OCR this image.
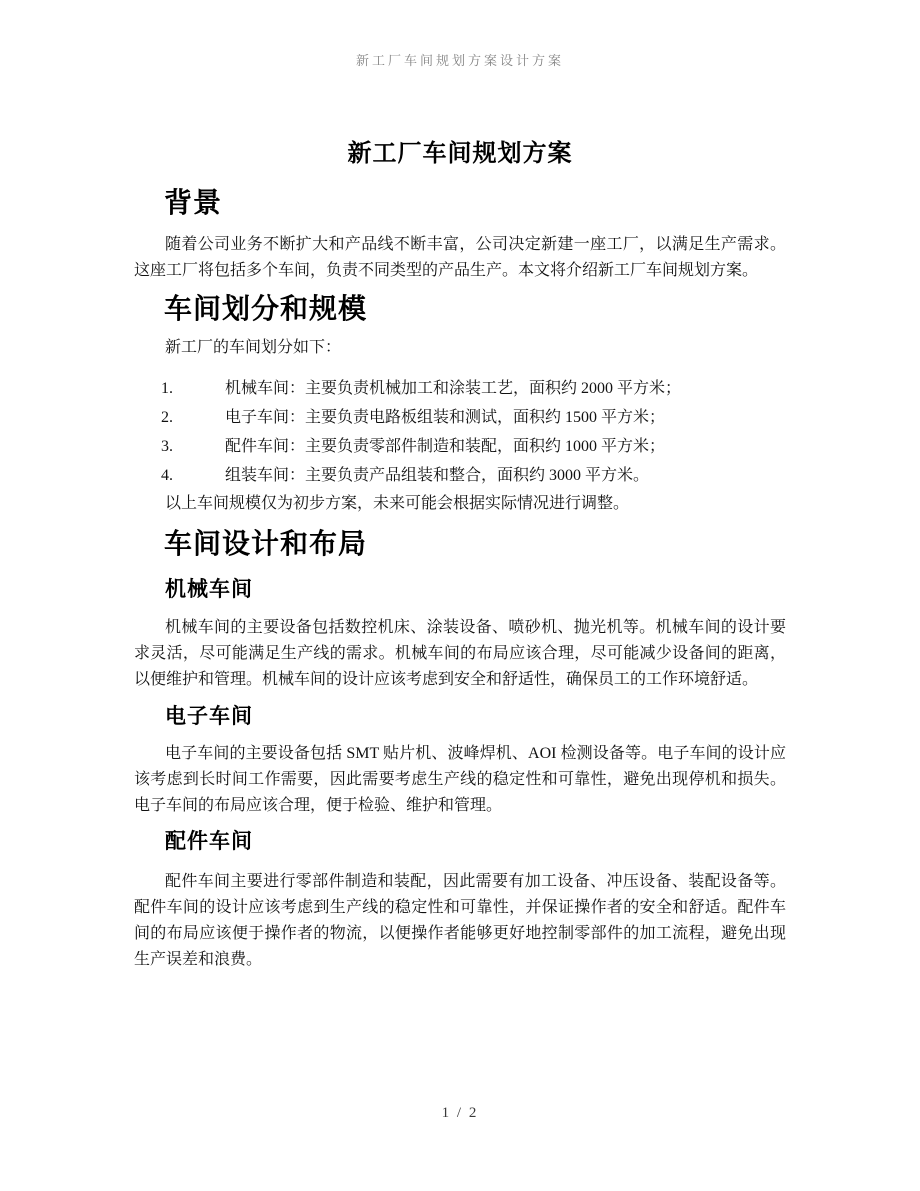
新工厂车间规划方案设计方案
新工厂车间规划方案
背景

随着公司业务不断扩大和产品线不断丰富，公司决定新建一座工厂，以满足生产需求。这座工厂将包括多个车间，负责不同类型的产品生产。本文将介绍新工厂车间规划方案。

车间划分和规模

新工厂的车间划分如下：

1.	机械车间：主要负责机械加工和涂装工艺，面积约 2000 平方米；
2.	电子车间：主要负责电路板组装和测试，面积约 1500 平方米；
3.	配件车间：主要负责零部件制造和装配，面积约 1000 平方米；
4.	组装车间：主要负责产品组装和整合，面积约 3000 平方米。

以上车间规模仅为初步方案，未来可能会根据实际情况进行调整。

车间设计和布局
机械车间

机械车间的主要设备包括数控机床、涂装设备、喷砂机、抛光机等。机械车间的设计要求灵活，尽可能满足生产线的需求。机械车间的布局应该合理，尽可能减少设备间的距离，以便维护和管理。机械车间的设计应该考虑到安全和舒适性，确保员工的工作环境舒适。

电子车间

电子车间的主要设备包括 SMT 贴片机、波峰焊机、AOI 检测设备等。电子车间的设计应该考虑到长时间工作需要，因此需要考虑生产线的稳定性和可靠性，避免出现停机和损失。电子车间的布局应该合理，便于检验、维护和管理。

配件车间

配件车间主要进行零部件制造和装配，因此需要有加工设备、冲压设备、装配设备等。配件车间的设计应该考虑到生产线的稳定性和可靠性，并保证操作者的安全和舒适。配件车间的布局应该便于操作者的物流，以便操作者能够更好地控制零部件的加工流程，避免出现生产误差和浪费。

1 / 2
